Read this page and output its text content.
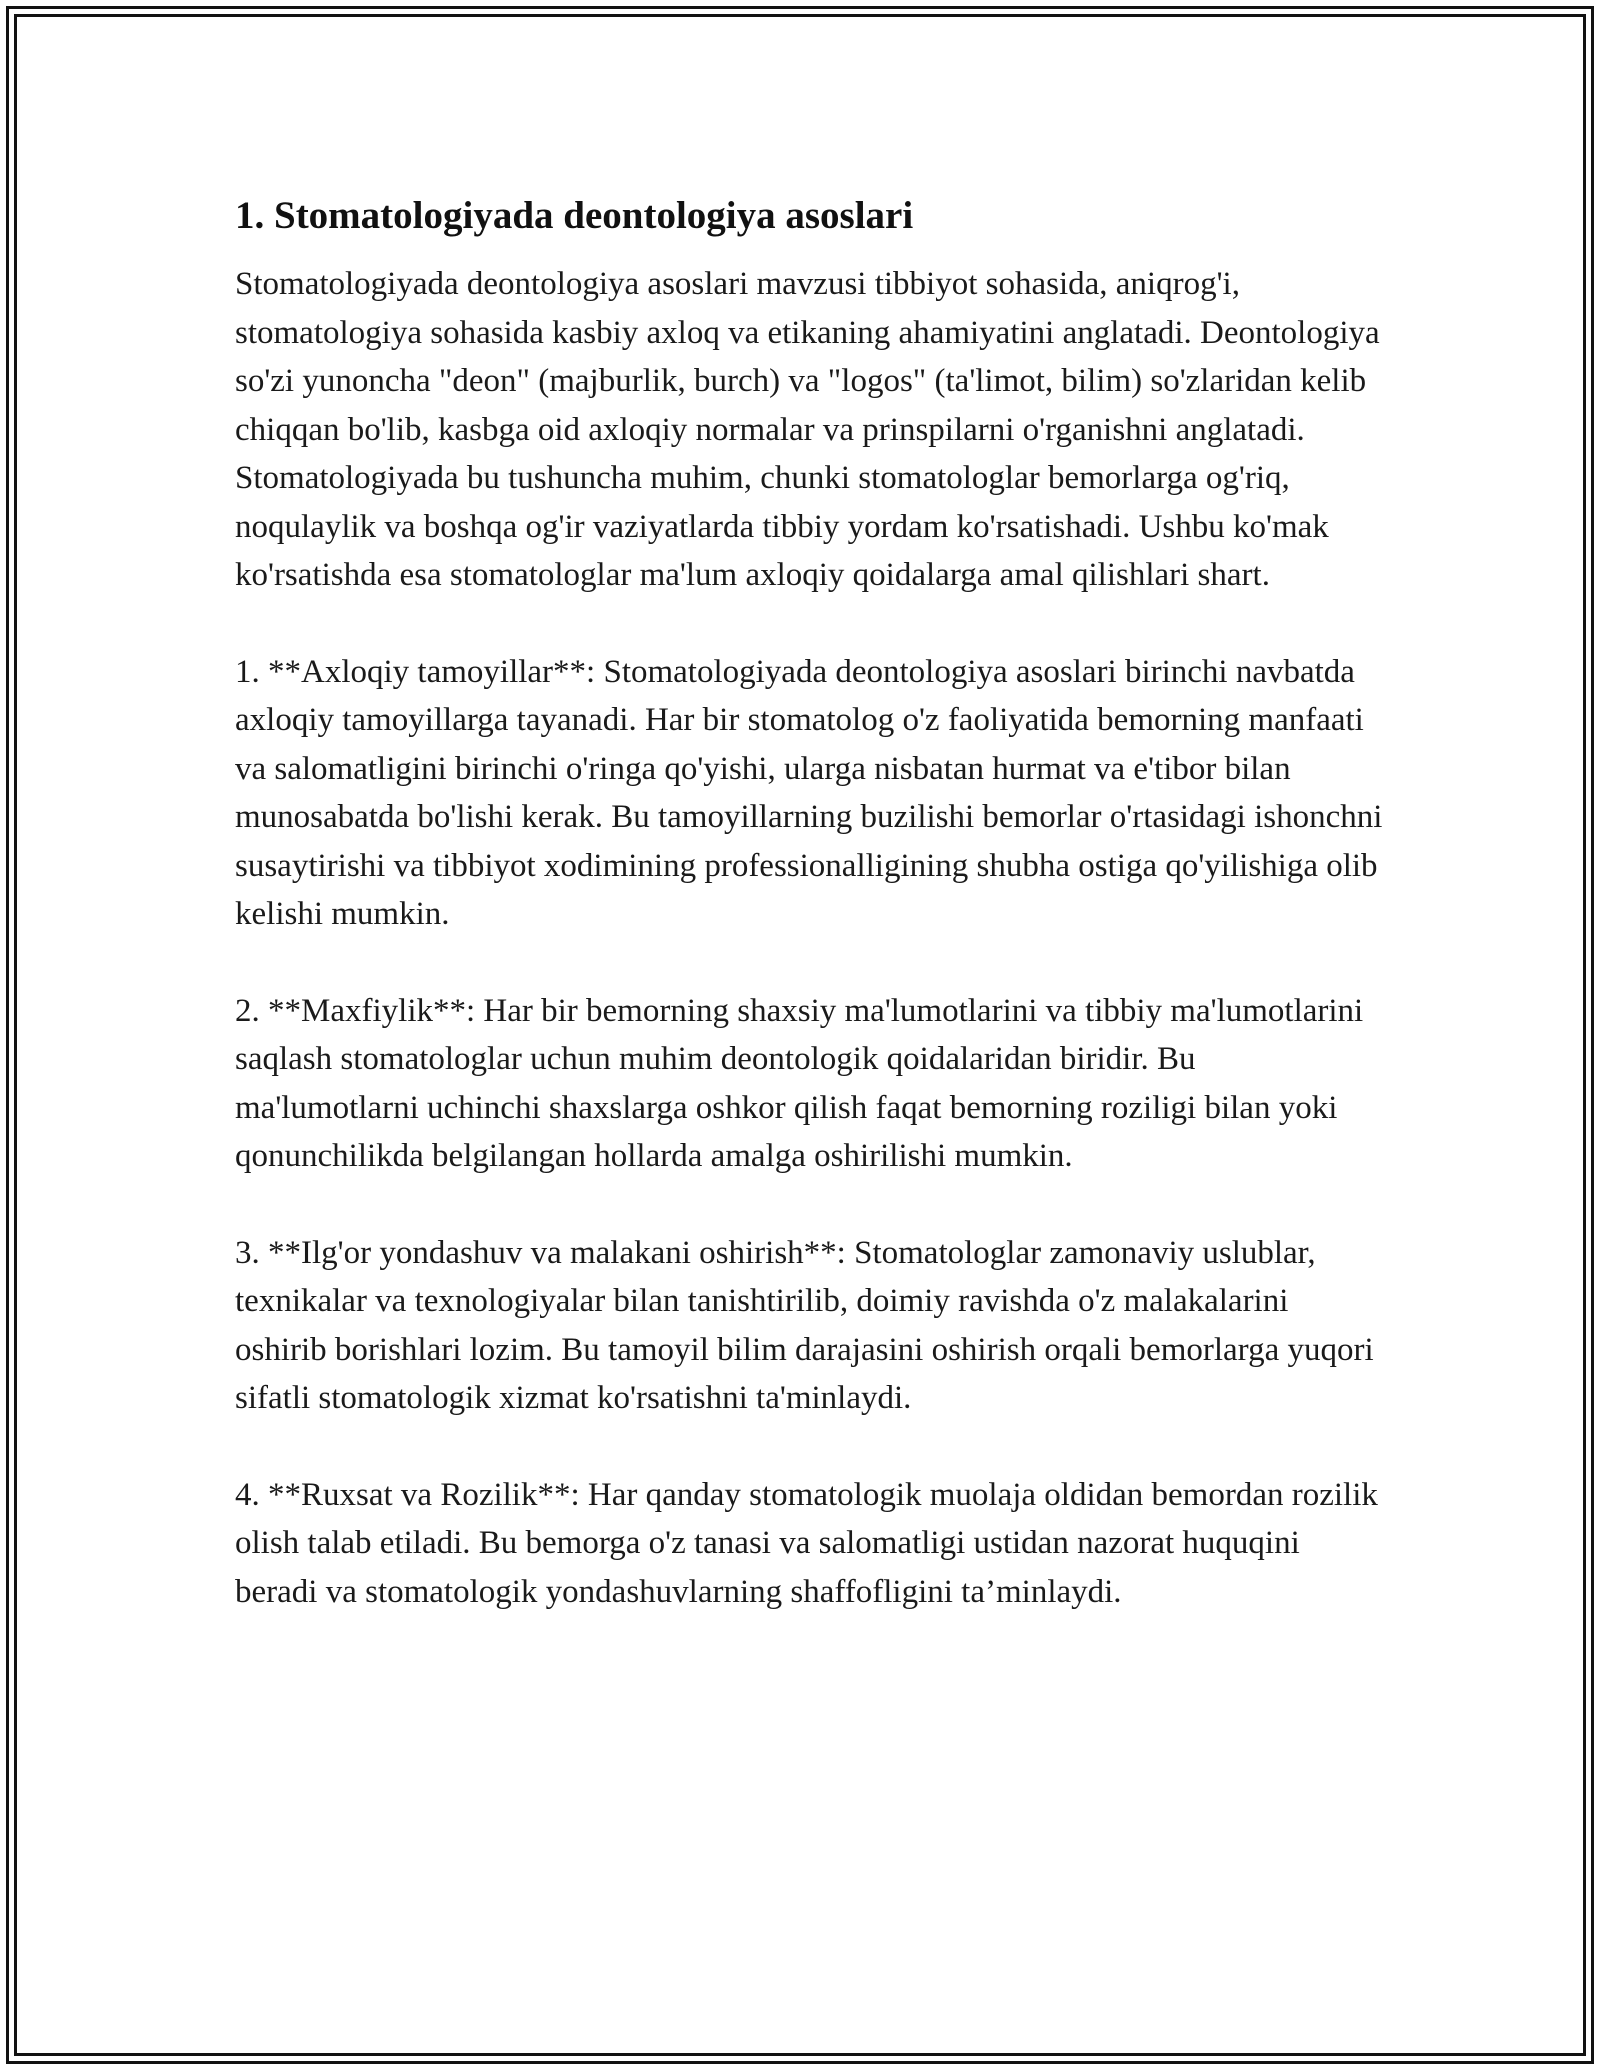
1. Stomatologiyada deontologiya asoslari

Stomatologiyada deontologiya asoslari mavzusi tibbiyot sohasida, aniqrog'i, stomatologiya sohasida kasbiy axloq va etikaning ahamiyatini anglatadi. Deontologiya so'zi yunoncha "deon" (majburlik, burch) va "logos" (ta'limot, bilim) so'zlaridan kelib chiqqan bo'lib, kasbga oid axloqiy normalar va prinspilarni o'rganishni anglatadi. Stomatologiyada bu tushuncha muhim, chunki stomatologlar bemorlarga og'riq, noqulaylik va boshqa og'ir vaziyatlarda tibbiy yordam ko'rsatishadi. Ushbu ko'mak ko'rsatishda esa stomatologlar ma'lum axloqiy qoidalarga amal qilishlari shart.

1. **Axloqiy tamoyillar**: Stomatologiyada deontologiya asoslari birinchi navbatda axloqiy tamoyillarga tayanadi. Har bir stomatolog o'z faoliyatida bemorning manfaati va salomatligini birinchi o'ringa qo'yishi, ularga nisbatan hurmat va e'tibor bilan munosabatda bo'lishi kerak. Bu tamoyillarning buzilishi bemorlar o'rtasidagi ishonchni susaytirishi va tibbiyot xodimining professionalligining shubha ostiga qo'yilishiga olib kelishi mumkin.

2. **Maxfiylik**: Har bir bemorning shaxsiy ma'lumotlarini va tibbiy ma'lumotlarini saqlash stomatologlar uchun muhim deontologik qoidalaridan biridir. Bu ma'lumotlarni uchinchi shaxslarga oshkor qilish faqat bemorning roziligi bilan yoki qonunchilikda belgilangan hollarda amalga oshirilishi mumkin.

3. **Ilg'or yondashuv va malakani oshirish**: Stomatologlar zamonaviy uslublar, texnikalar va texnologiyalar bilan tanishtirilib, doimiy ravishda o'z malakalarini oshirib borishlari lozim. Bu tamoyil bilim darajasini oshirish orqali bemorlarga yuqori sifatli stomatologik xizmat ko'rsatishni ta'minlaydi.

4. **Ruxsat va Rozilik**: Har qanday stomatologik muolaja oldidan bemordan rozilik olish talab etiladi. Bu bemorga o'z tanasi va salomatligi ustidan nazorat huquqini beradi va stomatologik yondashuvlarning shaffofligini ta’minlaydi.
